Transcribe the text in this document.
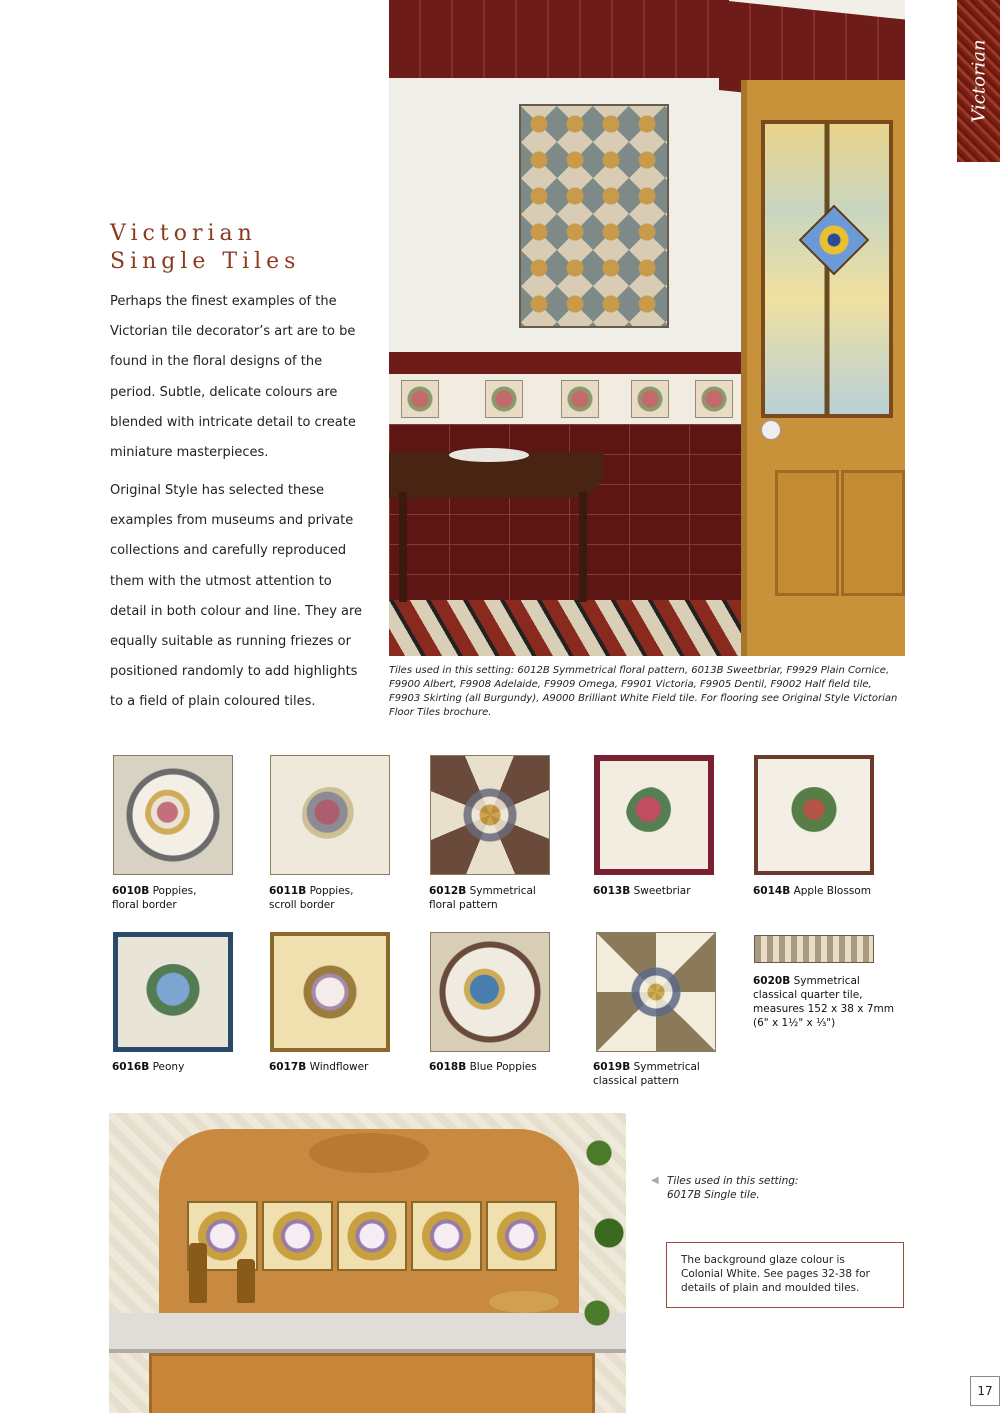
Victorian
Victorian
Single Tiles
Perhaps the finest examples of the Victorian tile decorator’s art are to be found in the floral designs of the period. Subtle, delicate colours are blended with intricate detail to create miniature masterpieces.
Original Style has selected these examples from museums and private collections and carefully reproduced them with the utmost attention to detail in both colour and line. They are equally suitable as running friezes or positioned randomly to add highlights to a field of plain coloured tiles.
Tiles used in this setting: 6012B Symmetrical floral pattern, 6013B Sweetbriar, F9929 Plain Cornice, F9900 Albert, F9908 Adelaide, F9909 Omega, F9901 Victoria, F9905 Dentil, F9002 Half field tile, F9903 Skirting (all Burgundy), A9000 Brilliant White Field tile. For flooring see Original Style Victorian Floor Tiles brochure.
6010B Poppies,
floral border
6011B Poppies,
scroll border
6012B Symmetrical
floral pattern
6013B Sweetbriar	6014B Apple Blossom
6020B Symmetrical
classical quarter tile,
measures 152 x 38 x 7mm
(6" x 1½" x ⅓")
6016B Peony	6017B Windflower	6018B Blue Poppies	6019B Symmetrical
classical pattern
◀ Tiles used in this setting:
6017B Single tile.
The background glaze colour is Colonial White. See pages 32-38 for details of plain and moulded tiles.
17
